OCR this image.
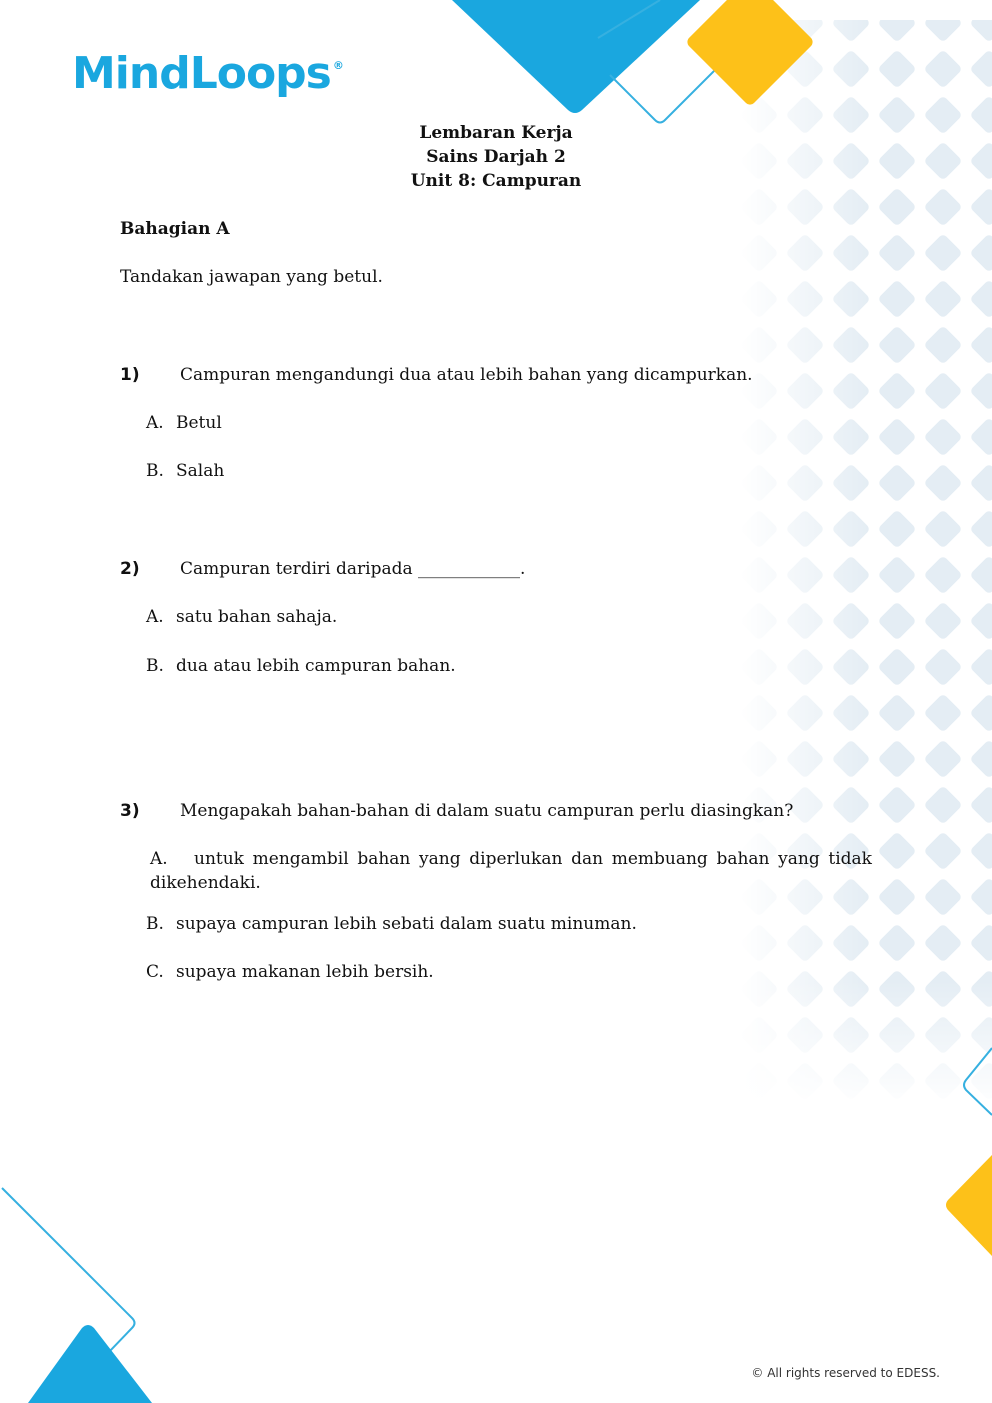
MindLoops ®
Lembaran Kerja
Sains Darjah 2
Unit 8: Campuran
Bahagian A
Tandakan jawapan yang betul.
1) Campuran mengandungi dua atau lebih bahan yang dicampurkan.
A. Betul
B. Salah
2) Campuran terdiri daripada ____________.
A. satu bahan sahaja.
B. dua atau lebih campuran bahan.
3) Mengapakah bahan-bahan di dalam suatu campuran perlu diasingkan?
A. untuk mengambil bahan yang diperlukan dan membuang bahan yang tidak dikehendaki.
B. supaya campuran lebih sebati dalam suatu minuman.
C. supaya makanan lebih bersih.
© All rights reserved to EDESS.
